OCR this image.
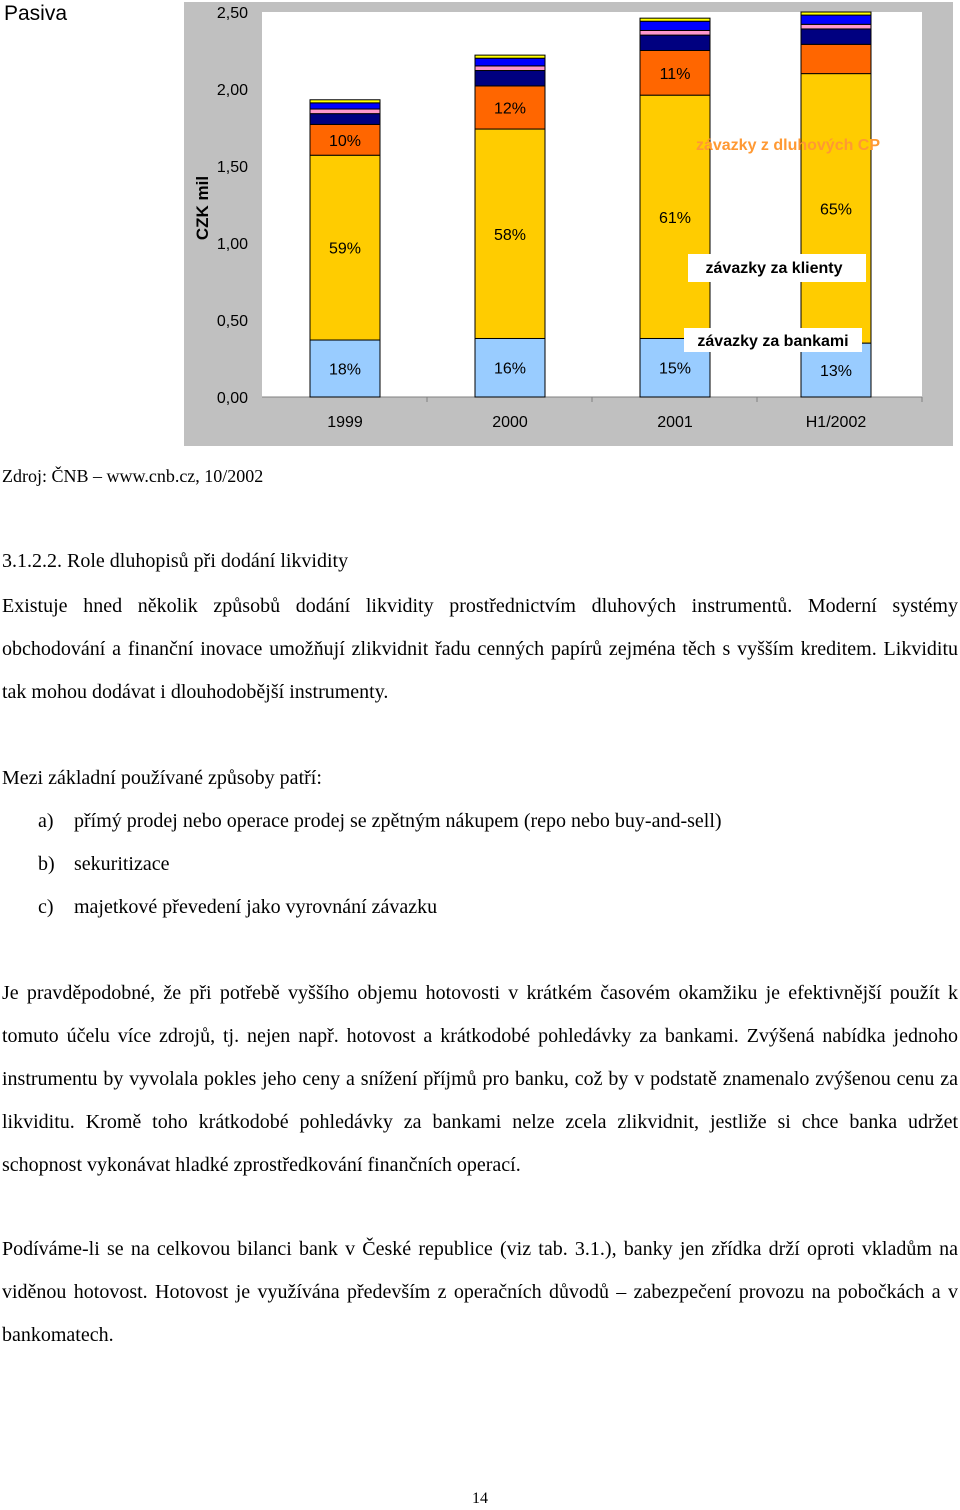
0,00
0,50
1,00
1,50
2,00
2,50
18%
59%
10%
1999
16%
58%
12%
2000
15%
61%
11%
2001
13%
65%
H1/2002
CZK mil
závazky za klienty
závazky za bankami
závazky z dluhových CP
Pasiva
Zdroj: ČNB – www.cnb.cz, 10/2002
3.1.2.2. Role dluhopisů při dodání likvidity

Existuje hned několik způsobů dodání likvidity prostřednictvím dluhových instrumentů. Moderní systémy obchodování a finanční inovace umožňují zlikvidnit řadu cenných papírů zejména těch s vyšším kreditem. Likviditu tak mohou dodávat i dlouhodobější instrumenty.

Mezi základní používané způsoby patří:
a) přímý prodej nebo operace prodej se zpětným nákupem (repo nebo buy-and-sell)
b) sekuritizace
c) majetkové převedení jako vyrovnání závazku

Je pravděpodobné, že při potřebě vyššího objemu hotovosti v krátkém časovém okamžiku je efektivnější použít k tomuto účelu více zdrojů, tj. nejen např. hotovost a krátkodobé pohledávky za bankami. Zvýšená nabídka jednoho instrumentu by vyvolala pokles jeho ceny a snížení příjmů pro banku, což by v podstatě znamenalo zvýšenou cenu za likviditu. Kromě toho krátkodobé pohledávky za bankami nelze zcela zlikvidnit, jestliže si chce banka udržet schopnost vykonávat hladké zprostředkování finančních operací.

Podíváme-li se na celkovou bilanci bank v České republice (viz tab. 3.1.), banky jen zřídka drží oproti vkladům na viděnou hotovost. Hotovost je využívána především z operačních důvodů – zabezpečení provozu na pobočkách a v bankomatech.

14
